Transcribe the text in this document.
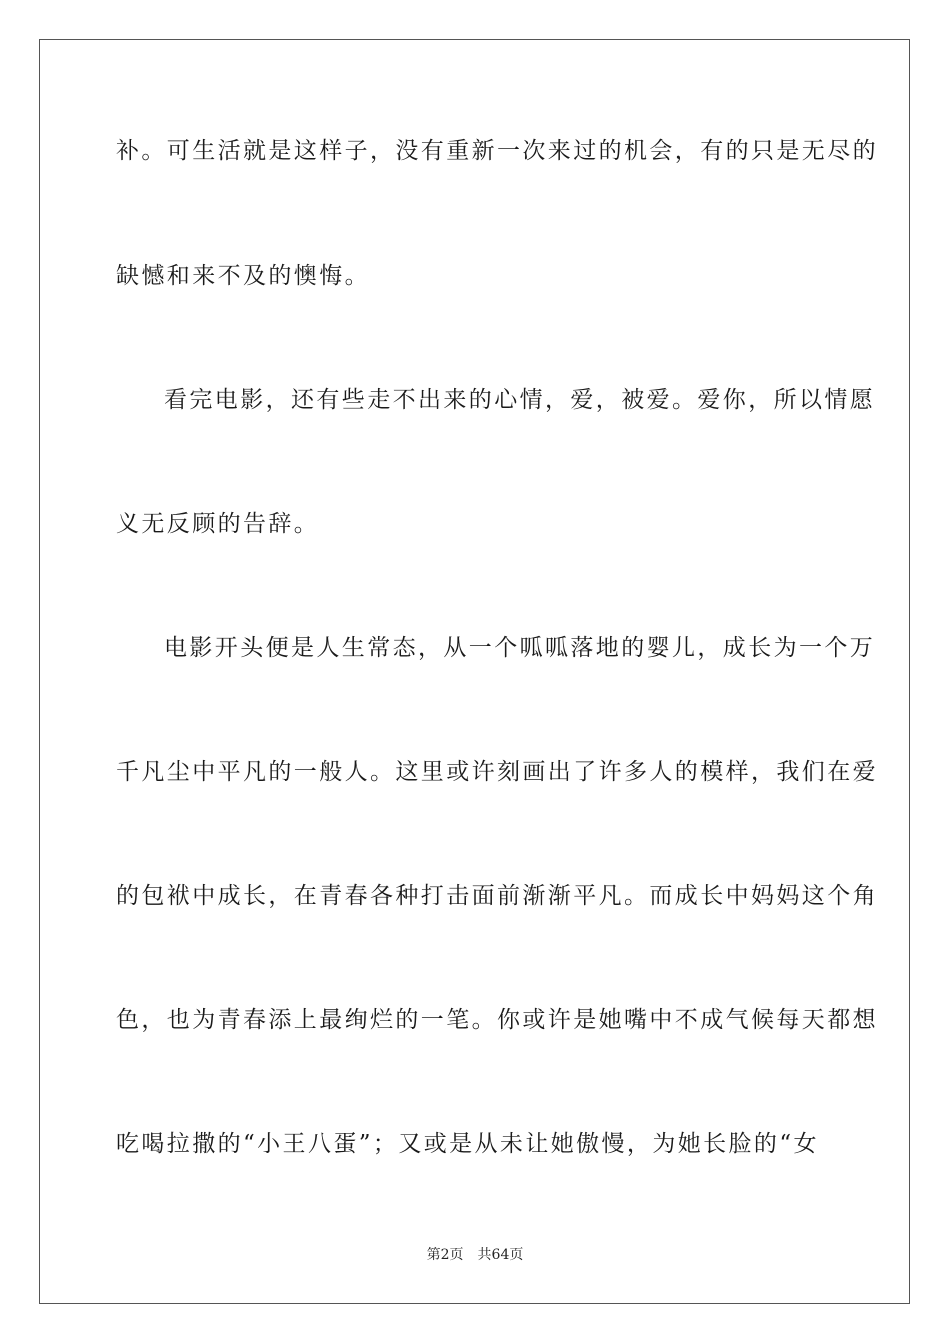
补。可生活就是这样子，没有重新一次来过的机会，有的只是无尽的
缺憾和来不及的懊悔。
看完电影，还有些走不出来的心情，爱，被爱。爱你，所以情愿
义无反顾的告辞。
电影开头便是人生常态，从一个呱呱落地的婴儿，成长为一个万
千凡尘中平凡的一般人。这里或许刻画出了许多人的模样，我们在爱
的包袱中成长，在青春各种打击面前渐渐平凡。而成长中妈妈这个角
色，也为青春添上最绚烂的一笔。你或许是她嘴中不成气候每天都想
吃喝拉撒的“小王八蛋”；又或是从未让她傲慢，为她长脸的“女
第2页 共64页
